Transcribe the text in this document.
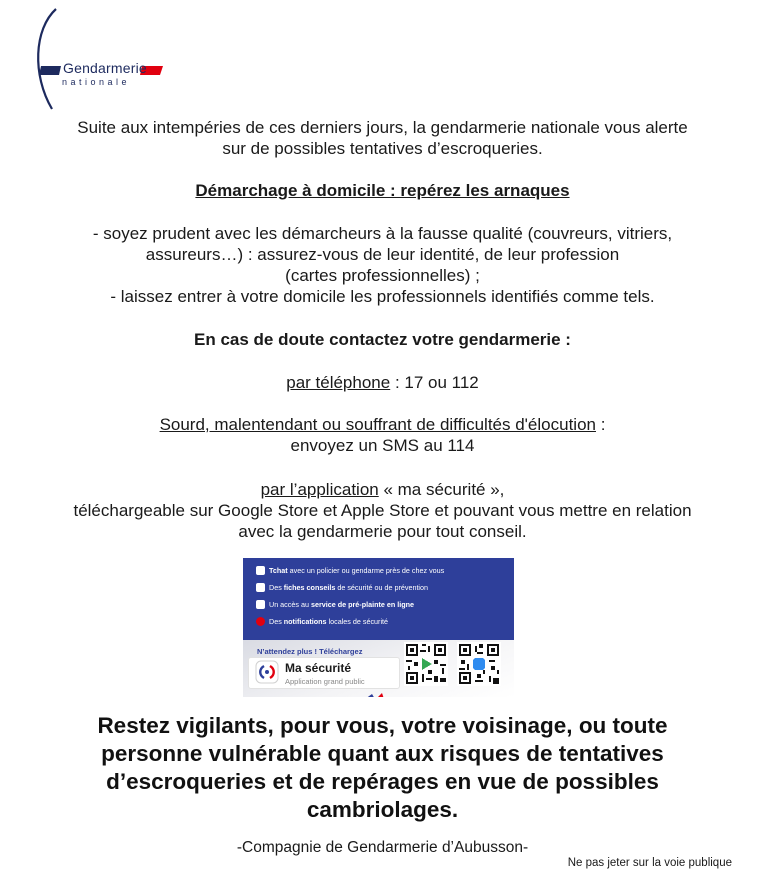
Gendarmerie
nationale

Suite aux intempéries de ces derniers jours, la gendarmerie nationale vous alerte

sur de possibles tentatives d’escroqueries.

Démarchage à domicile : repérez les arnaques

- soyez prudent avec les démarcheurs à la fausse qualité (couvreurs, vitriers,

assureurs…) : assurez-vous de leur identité, de leur profession

(cartes professionnelles) ;

- laissez entrer à votre domicile les professionnels identifiés comme tels.

En cas de doute contactez votre gendarmerie :

par téléphone : 17 ou 112

Sourd, malentendant ou souffrant de difficultés d'élocution :

envoyez un SMS au 114

par l’application « ma sécurité »,

téléchargeable sur Google Store et Apple Store et pouvant vous mettre en relation

avec la gendarmerie pour tout conseil.

Tchat avec un policier ou gendarme près de chez vous
Des fiches conseils de sécurité ou de prévention
Un accès au service de pré-plainte en ligne
Des notifications locales de sécurité
N’attendez plus ! Téléchargez
Ma sécurité
Application grand public

Restez vigilants, pour vous, votre voisinage, ou toute

personne vulnérable quant aux risques de tentatives

d’escroqueries et de repérages en vue de possibles

cambriolages.

-Compagnie de Gendarmerie d’Aubusson-

Ne pas jeter sur la voie publique
